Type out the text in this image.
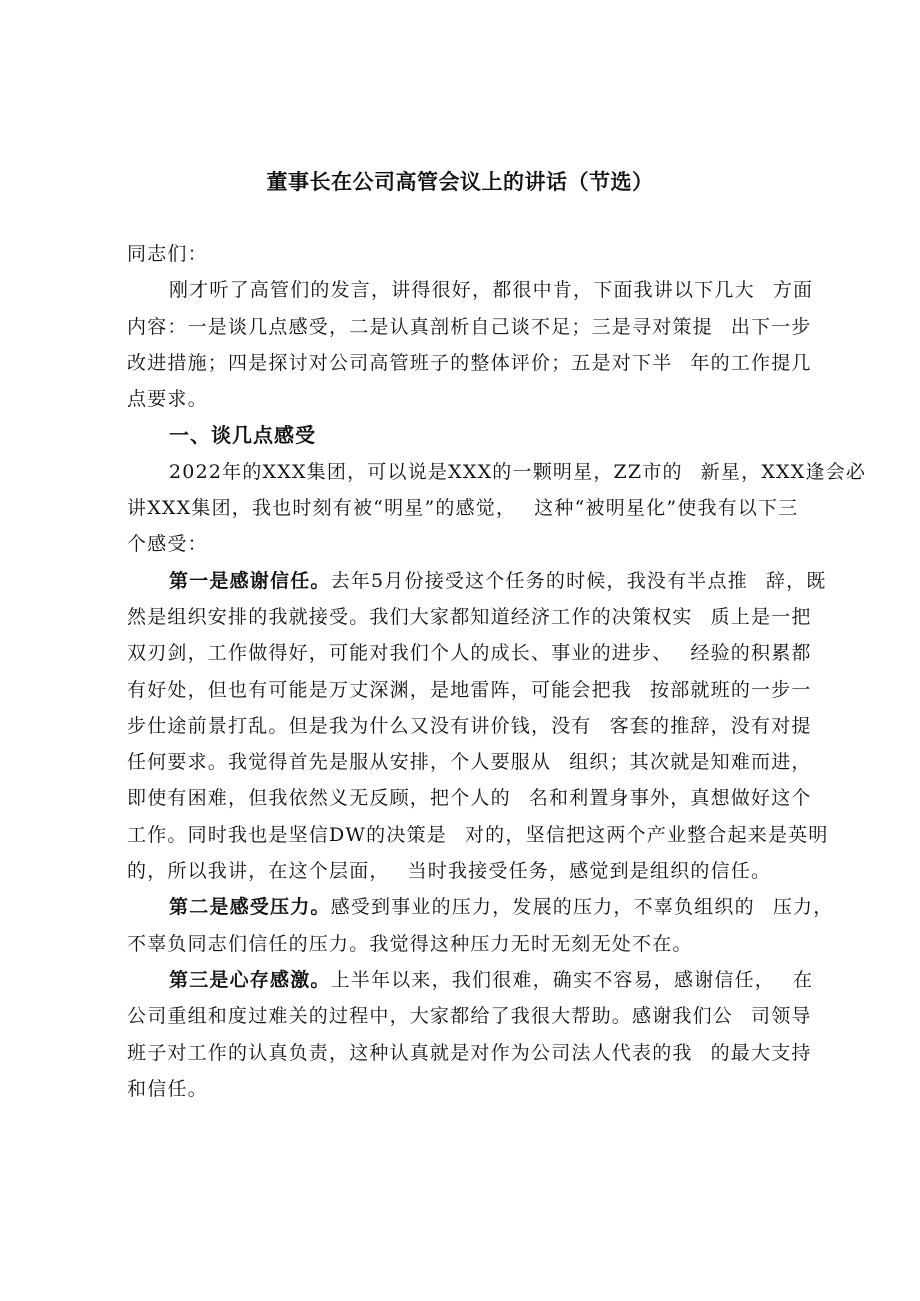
董事长在公司高管会议上的讲话（节选）
同志们：
刚才听了高管们的发言，讲得很好，都很中肯，下面我讲以下几大 方面
内容：一是谈几点感受，二是认真剖析自己谈不足；三是寻对策提 出下一步
改进措施；四是探讨对公司高管班子的整体评价；五是对下半 年的工作提几
点要求。
一、谈几点感受
2022年的XXX集团，可以说是XXX的一颗明星，ZZ市的 新星，XXX逢会必
讲XXX集团，我也时刻有被“明星”的感觉， 这种“被明星化”使我有以下三
个感受：
第一是感谢信任。去年5月份接受这个任务的时候，我没有半点推 辞，既
然是组织安排的我就接受。我们大家都知道经济工作的决策权实 质上是一把
双刃剑，工作做得好，可能对我们个人的成长、事业的进步、 经验的积累都
有好处，但也有可能是万丈深渊，是地雷阵，可能会把我 按部就班的一步一
步仕途前景打乱。但是我为什么又没有讲价钱，没有 客套的推辞，没有对提
任何要求。我觉得首先是服从安排，个人要服从 组织；其次就是知难而进，
即使有困难，但我依然义无反顾，把个人的 名和利置身事外，真想做好这个
工作。同时我也是坚信DW的决策是 对的，坚信把这两个产业整合起来是英明
的，所以我讲，在这个层面， 当时我接受任务，感觉到是组织的信任。
第二是感受压力。感受到事业的压力，发展的压力，不辜负组织的 压力，
不辜负同志们信任的压力。我觉得这种压力无时无刻无处不在。
第三是心存感激。上半年以来，我们很难，确实不容易，感谢信任， 在
公司重组和度过难关的过程中，大家都给了我很大帮助。感谢我们公 司领导
班子对工作的认真负责，这种认真就是对作为公司法人代表的我 的最大支持
和信任。
